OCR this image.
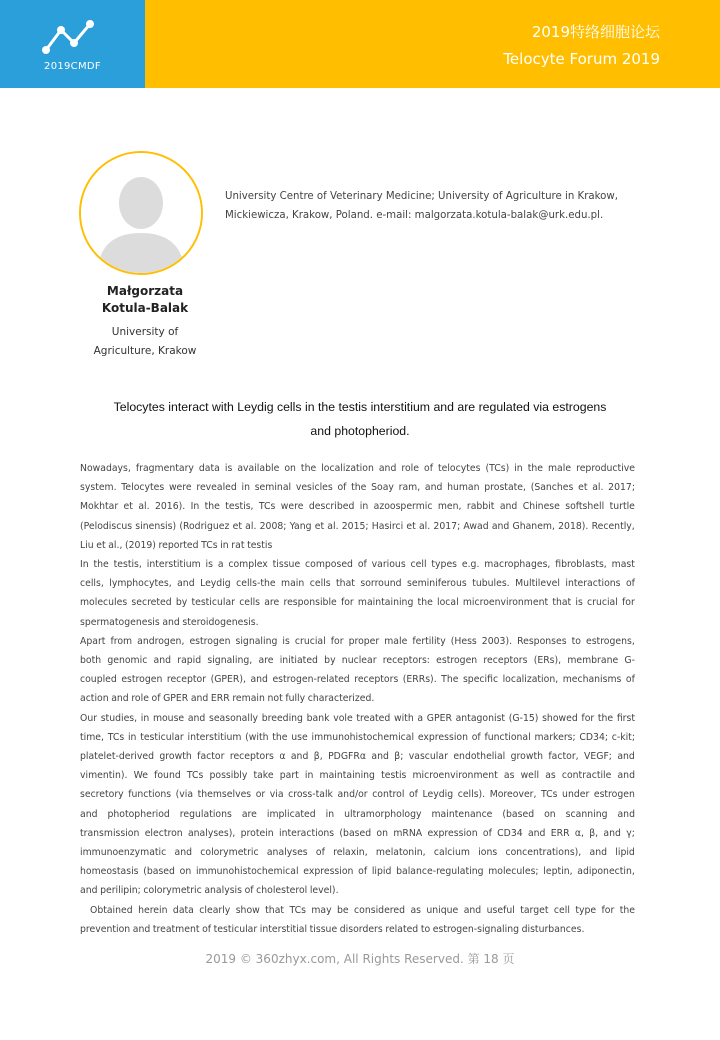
2019CMDF
2019特络细胞论坛
Telocyte Forum 2019
University Centre of Veterinary Medicine; University of Agriculture in Krakow,
Mickiewicza, Krakow, Poland. e-mail: malgorzata.kotula-balak@urk.edu.pl.
Małgorzata
Kotula-Balak
University of
Agriculture, Krakow
Telocytes interact with Leydig cells in the testis interstitium and are regulated via estrogens
and photopheriod.
Nowadays, fragmentary data is available on the localization and role of telocytes (TCs) in the male reproductive
system. Telocytes were revealed in seminal vesicles of the Soay ram, and human prostate, (Sanches et al. 2017;
Mokhtar et al. 2016). In the testis, TCs were described in azoospermic men, rabbit and Chinese softshell turtle
(Pelodiscus sinensis) (Rodriguez et al. 2008; Yang et al. 2015; Hasirci et al. 2017; Awad and Ghanem, 2018). Recently,
Liu et al., (2019) reported TCs in rat testis
In the testis, interstitium is a complex tissue composed of various cell types e.g. macrophages, fibroblasts, mast
cells, lymphocytes, and Leydig cells-the main cells that sorround seminiferous tubules. Multilevel interactions of
molecules secreted by testicular cells are responsible for maintaining the local microenvironment that is crucial for
spermatogenesis and steroidogenesis.
Apart from androgen, estrogen signaling is crucial for proper male fertility (Hess 2003). Responses to estrogens,
both genomic and rapid signaling, are initiated by nuclear receptors: estrogen receptors (ERs), membrane G-
coupled estrogen receptor (GPER), and estrogen-related receptors (ERRs). The specific localization, mechanisms of
action and role of GPER and ERR remain not fully characterized.
Our studies, in mouse and seasonally breeding bank vole treated with a GPER antagonist (G-15) showed for the first
time, TCs in testicular interstitium (with the use immunohistochemical expression of functional markers; CD34; c-kit;
platelet-derived growth factor receptors α and β, PDGFRα and β; vascular endothelial growth factor, VEGF; and
vimentin). We found TCs possibly take part in maintaining testis microenvironment as well as contractile and
secretory functions (via themselves or via cross-talk and/or control of Leydig cells). Moreover, TCs under estrogen
and photopheriod regulations are implicated in ultramorphology maintenance (based on scanning and
transmission electron analyses), protein interactions (based on mRNA expression of CD34 and ERR α, β, and γ;
immunoenzymatic and colorymetric analyses of relaxin, melatonin, calcium ions concentrations), and lipid
homeostasis (based on immunohistochemical expression of lipid balance-regulating molecules; leptin, adiponectin,
and perilipin; colorymetric analysis of cholesterol level).
Obtained herein data clearly show that TCs may be considered as unique and useful target cell type for the
prevention and treatment of testicular interstitial tissue disorders related to estrogen-signaling disturbances.
2019 © 360zhyx.com, All Rights Reserved. 第 18 页
